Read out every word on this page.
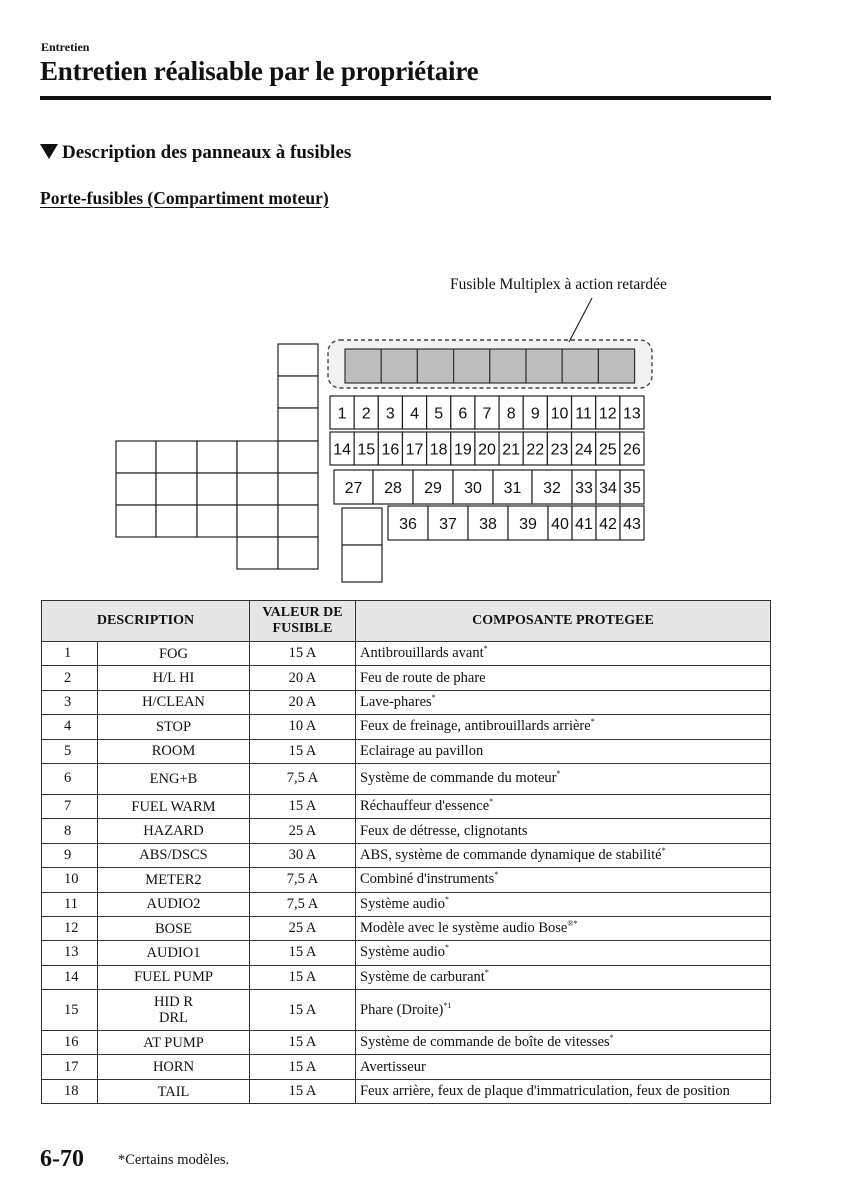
Entretien
Entretien réalisable par le propriétaire
Description des panneaux à fusibles
Porte-fusibles (Compartiment moteur)
1 2 3 4 5 6 7 8 9 10 11 12 13
14 15 16 17 18 19 20 21 22 23 24 25 26
27 28 29 30 31 32 33 34 35
36 37 38 39 40 41 42 43
Fusible Multiplex à action retardée
DESCRIPTION		VALEUR DE
FUSIBLE	COMPOSANTE PROTEGEE
1	FOG	15 A	Antibrouillards avant*
2	H/L HI	20 A	Feu de route de phare
3	H/CLEAN	20 A	Lave-phares*
4	STOP	10 A	Feux de freinage, antibrouillards arrière*
5	ROOM	15 A	Eclairage au pavillon
6	ENG+B	7,5 A	Système de commande du moteur*
7	FUEL WARM	15 A	Réchauffeur d'essence*
8	HAZARD	25 A	Feux de détresse, clignotants
9	ABS/DSCS	30 A	ABS, système de commande dynamique de stabilité*
10	METER2	7,5 A	Combiné d'instruments*
11	AUDIO2	7,5 A	Système audio*
12	BOSE	25 A	Modèle avec le système audio Bose®*
13	AUDIO1	15 A	Système audio*
14	FUEL PUMP	15 A	Système de carburant*
15	HID R
DRL	15 A	Phare (Droite)$^{*1}$
16	AT PUMP	15 A	Système de commande de boîte de vitesses*
17	HORN	15 A	Avertisseur
18	TAIL	15 A	Feux arrière, feux de plaque d'immatriculation, feux de position
6-70 *Certains modèles.
